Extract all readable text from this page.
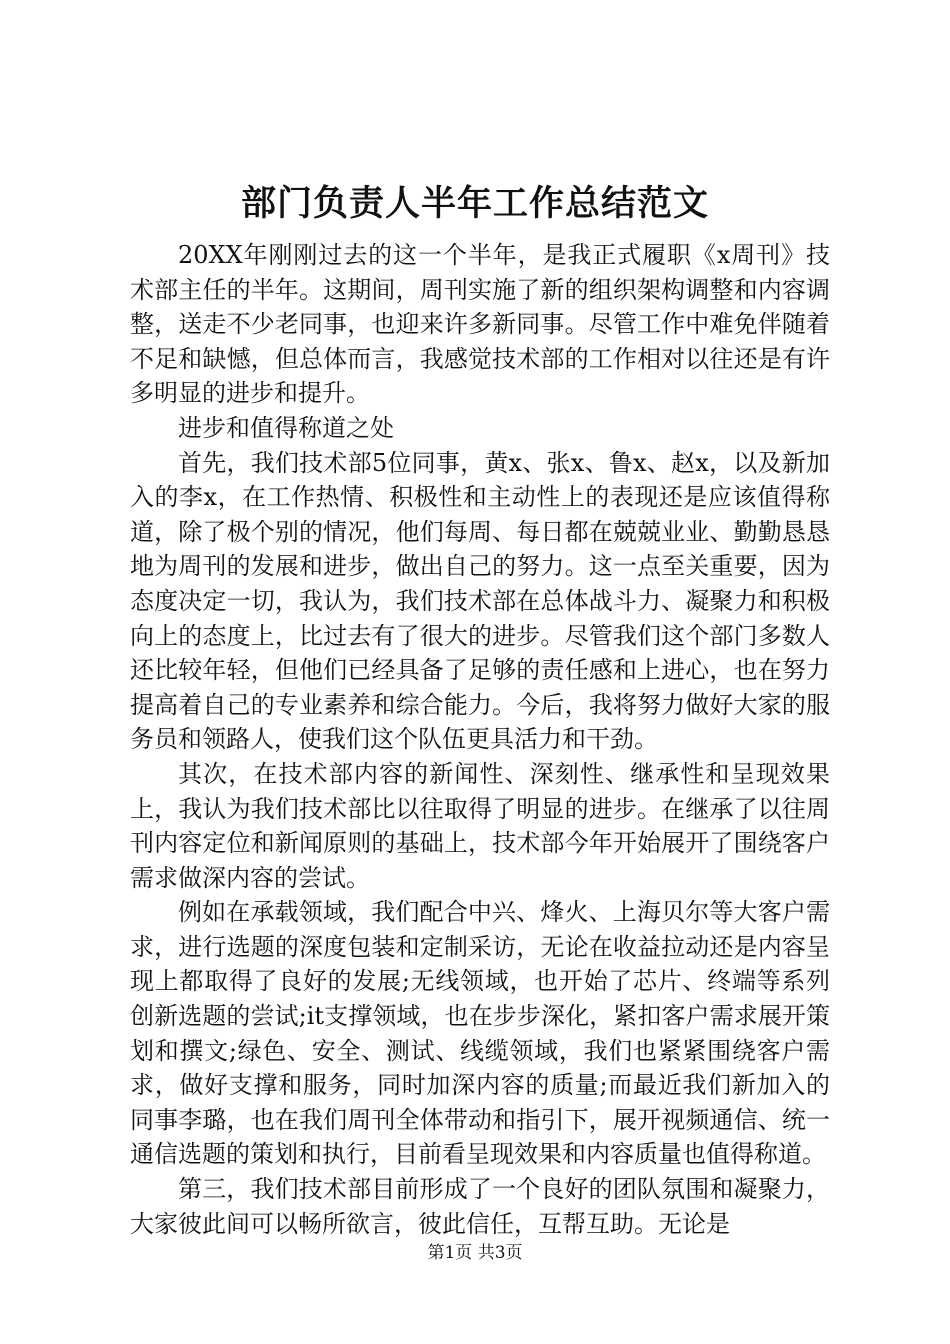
部门负责人半年工作总结范文

20XX年刚刚过去的这一个半年，是我正式履职《x周刊》技术部主任的半年。这期间，周刊实施了新的组织架构调整和内容调整，送走不少老同事，也迎来许多新同事。尽管工作中难免伴随着不足和缺憾，但总体而言，我感觉技术部的工作相对以往还是有许多明显的进步和提升。

进步和值得称道之处

首先，我们技术部5位同事，黄x、张x、鲁x、赵x，以及新加入的李x，在工作热情、积极性和主动性上的表现还是应该值得称道，除了极个别的情况，他们每周、每日都在兢兢业业、勤勤恳恳地为周刊的发展和进步，做出自己的努力。这一点至关重要，因为态度决定一切，我认为，我们技术部在总体战斗力、凝聚力和积极向上的态度上，比过去有了很大的进步。尽管我们这个部门多数人还比较年轻，但他们已经具备了足够的责任感和上进心，也在努力提高着自己的专业素养和综合能力。今后，我将努力做好大家的服务员和领路人，使我们这个队伍更具活力和干劲。

其次，在技术部内容的新闻性、深刻性、继承性和呈现效果上，我认为我们技术部比以往取得了明显的进步。在继承了以往周刊内容定位和新闻原则的基础上，技术部今年开始展开了围绕客户需求做深内容的尝试。

例如在承载领域，我们配合中兴、烽火、上海贝尔等大客户需求，进行选题的深度包装和定制采访，无论在收益拉动还是内容呈现上都取得了良好的发展;无线领域，也开始了芯片、终端等系列创新选题的尝试;it支撑领域，也在步步深化，紧扣客户需求展开策划和撰文;绿色、安全、测试、线缆领域，我们也紧紧围绕客户需求，做好支撑和服务，同时加深内容的质量;而最近我们新加入的同事李璐，也在我们周刊全体带动和指引下，展开视频通信、统一通信选题的策划和执行，目前看呈现效果和内容质量也值得称道。

第三，我们技术部目前形成了一个良好的团队氛围和凝聚力，大家彼此间可以畅所欲言，彼此信任，互帮互助。无论是

第1页 共3页
